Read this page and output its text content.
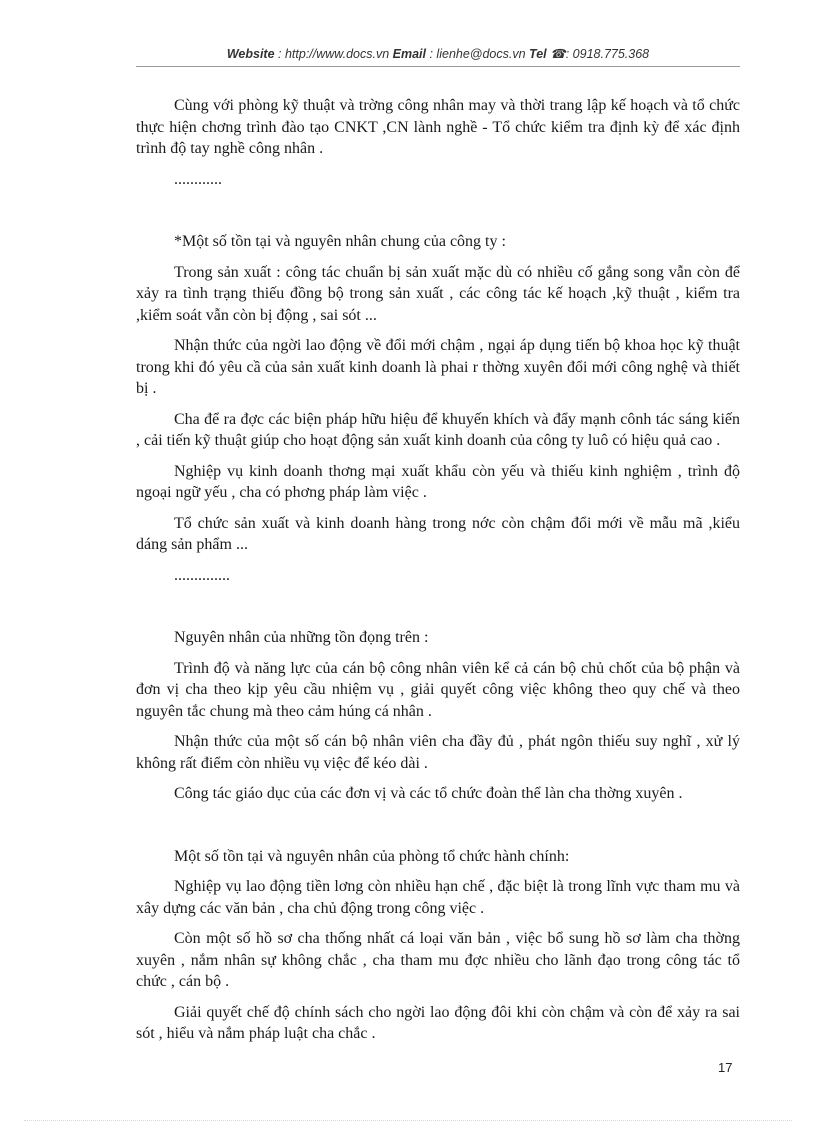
Website : http://www.docs.vn Email : lienhe@docs.vn Tel ☎: 0918.775.368

Cùng với phòng kỹ thuật và trờng công nhân may và thời trang lập kế hoạch và tổ chức thực hiện chơng trình đào tạo CNKT ,CN lành nghề - Tổ chức kiểm tra định kỳ để xác định trình độ tay nghề công nhân .

............

*Một số tồn tại và nguyên nhân chung của công ty :

Trong sản xuất : công tác chuẩn bị sản xuất mặc dù có nhiều cố gắng song vẫn còn để xảy ra tình trạng thiếu đồng bộ trong sản xuất , các công tác kế hoạch ,kỹ thuật , kiểm tra ,kiểm soát vẫn còn bị động , sai sót ...

Nhận thức của ngời lao động về đổi mới chậm , ngại áp dụng tiến bộ khoa học kỹ thuật trong khi đó yêu cầ của sản xuất kinh doanh là phai r thờng xuyên đổi mới công nghệ và thiết bị .

Cha để ra đợc các biện pháp hữu hiệu để khuyến khích và đẩy mạnh cônh tác sáng kiến , cải tiến kỹ thuật giúp cho hoạt động sản xuất kinh doanh của công ty luô có hiệu quả cao .

Nghiệp vụ kinh doanh thơng mại xuất khẩu còn yếu và thiếu kinh nghiệm , trình độ ngoại ngữ yếu , cha có phơng pháp làm việc .

Tổ chức sản xuất và kinh doanh hàng trong nớc còn chậm đổi mới về mẫu mã ,kiểu dáng sản phẩm ...

..............

Nguyên nhân của những tồn đọng trên :

Trình độ và năng lực của cán bộ công nhân viên kể cả cán bộ chủ chốt của bộ phận và đơn vị cha theo kịp yêu cầu nhiệm vụ , giải quyết công việc không theo quy chế và theo nguyên tắc chung mà theo cảm húng cá nhân .

Nhận thức của một số cán bộ nhân viên cha đầy đủ , phát ngôn thiếu suy nghĩ , xử lý không rất điểm còn nhiều vụ việc để kéo dài .

Công tác giáo dục của các đơn vị và các tổ chức đoàn thể làn cha thờng xuyên .

Một số tồn tại và nguyên nhân của phòng tổ chức hành chính:

Nghiệp vụ lao động tiền lơng còn nhiều hạn chế , đặc biệt là trong lĩnh vực tham mu và xây dựng các văn bản , cha chủ động trong công việc .

Còn một số hồ sơ cha thống nhất cá loại văn bản , việc bổ sung hồ sơ làm cha thờng xuyên , nắm nhân sự không chắc , cha tham mu đợc nhiều cho lãnh đạo trong công tác tổ chức , cán bộ .

Giải quyết chế độ chính sách cho ngời lao động đôi khi còn chậm và còn để xảy ra sai sót , hiểu và nắm pháp luật cha chắc .

17
